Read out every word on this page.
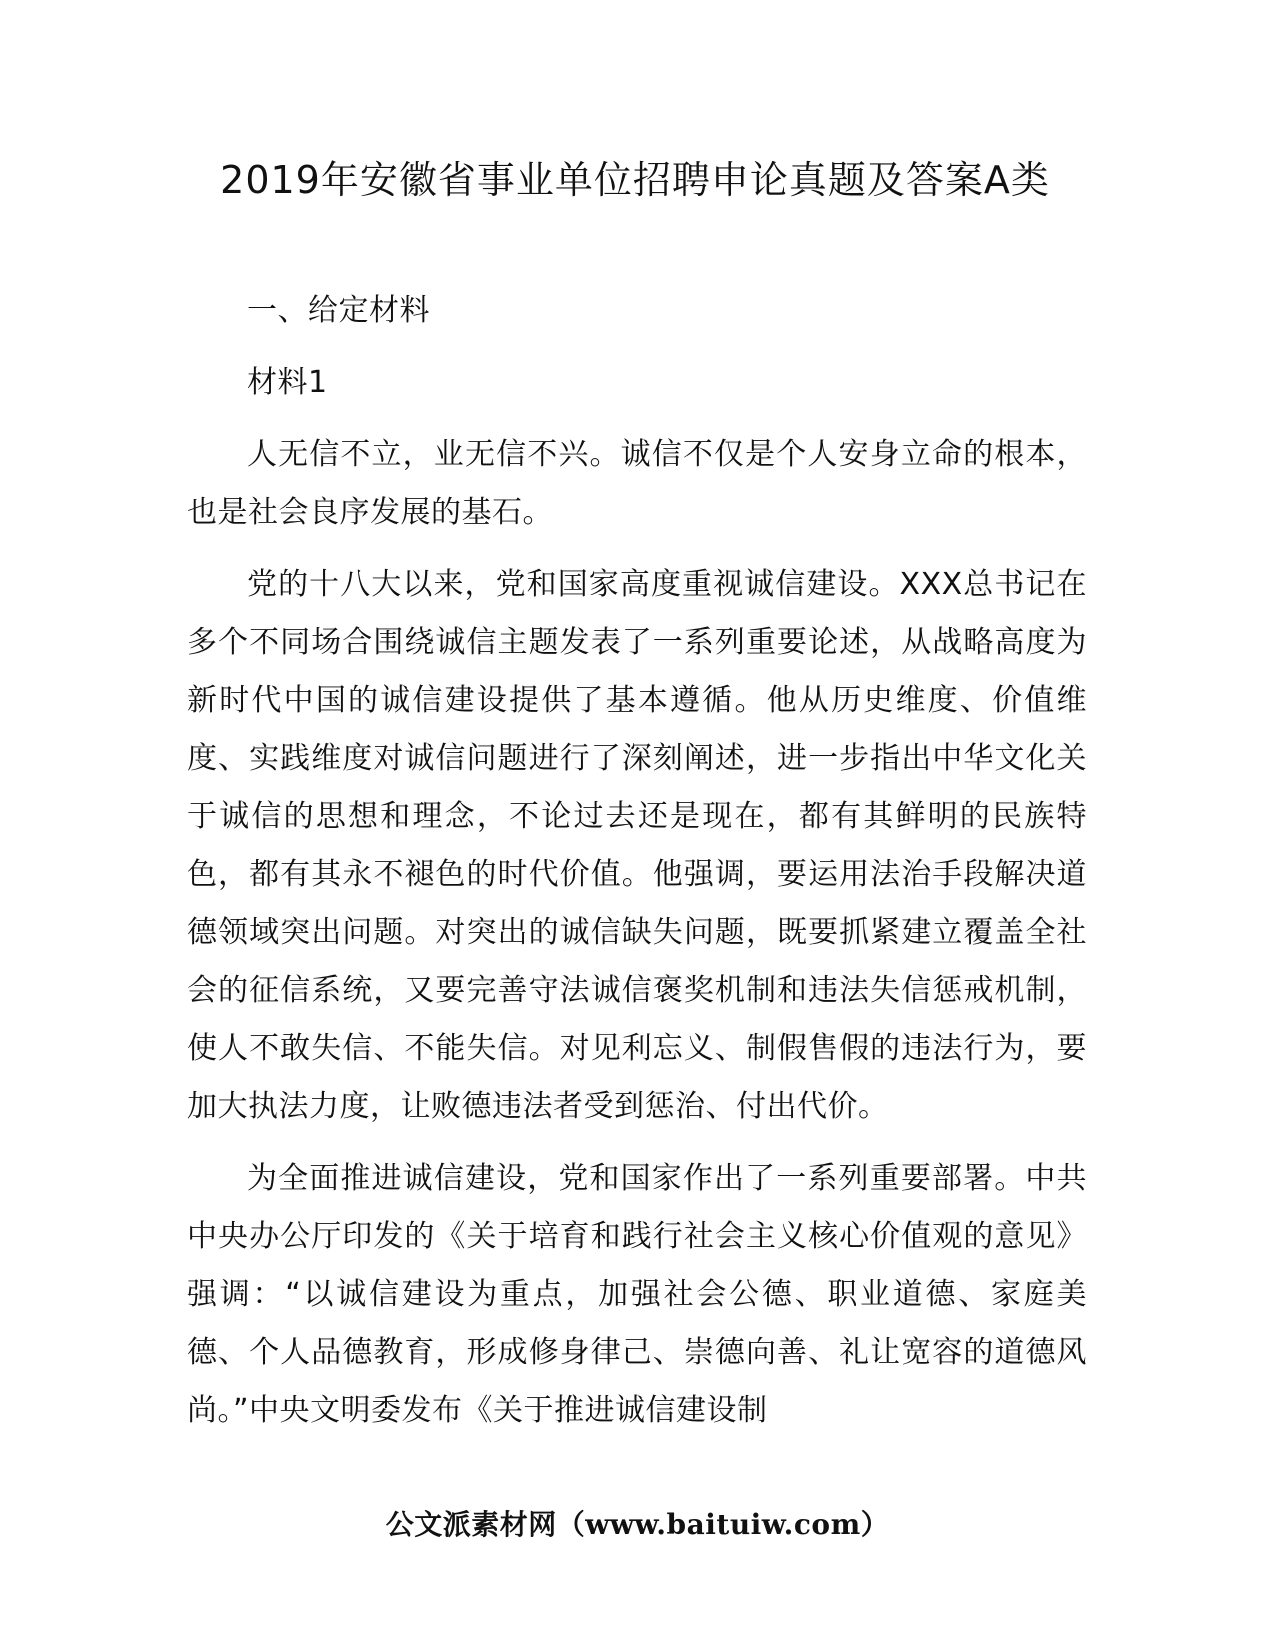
2019年安徽省事业单位招聘申论真题及答案A类

一、给定材料

材料1

人无信不立，业无信不兴。诚信不仅是个人安身立命的根本，也是社会良序发展的基石。

党的十八大以来，党和国家高度重视诚信建设。XXX总书记在多个不同场合围绕诚信主题发表了一系列重要论述，从战略高度为新时代中国的诚信建设提供了基本遵循。他从历史维度、价值维度、实践维度对诚信问题进行了深刻阐述，进一步指出中华文化关于诚信的思想和理念，不论过去还是现在，都有其鲜明的民族特色，都有其永不褪色的时代价值。他强调，要运用法治手段解决道德领域突出问题。对突出的诚信缺失问题，既要抓紧建立覆盖全社会的征信系统，又要完善守法诚信褒奖机制和违法失信惩戒机制，使人不敢失信、不能失信。对见利忘义、制假售假的违法行为，要加大执法力度，让败德违法者受到惩治、付出代价。

为全面推进诚信建设，党和国家作出了一系列重要部署。中共中央办公厅印发的《关于培育和践行社会主义核心价值观的意见》强调：“以诚信建设为重点，加强社会公德、职业道德、家庭美德、个人品德教育，形成修身律己、崇德向善、礼让宽容的道德风尚。”中央文明委发布《关于推进诚信建设制

公文派素材网（www.baituiw.com）
